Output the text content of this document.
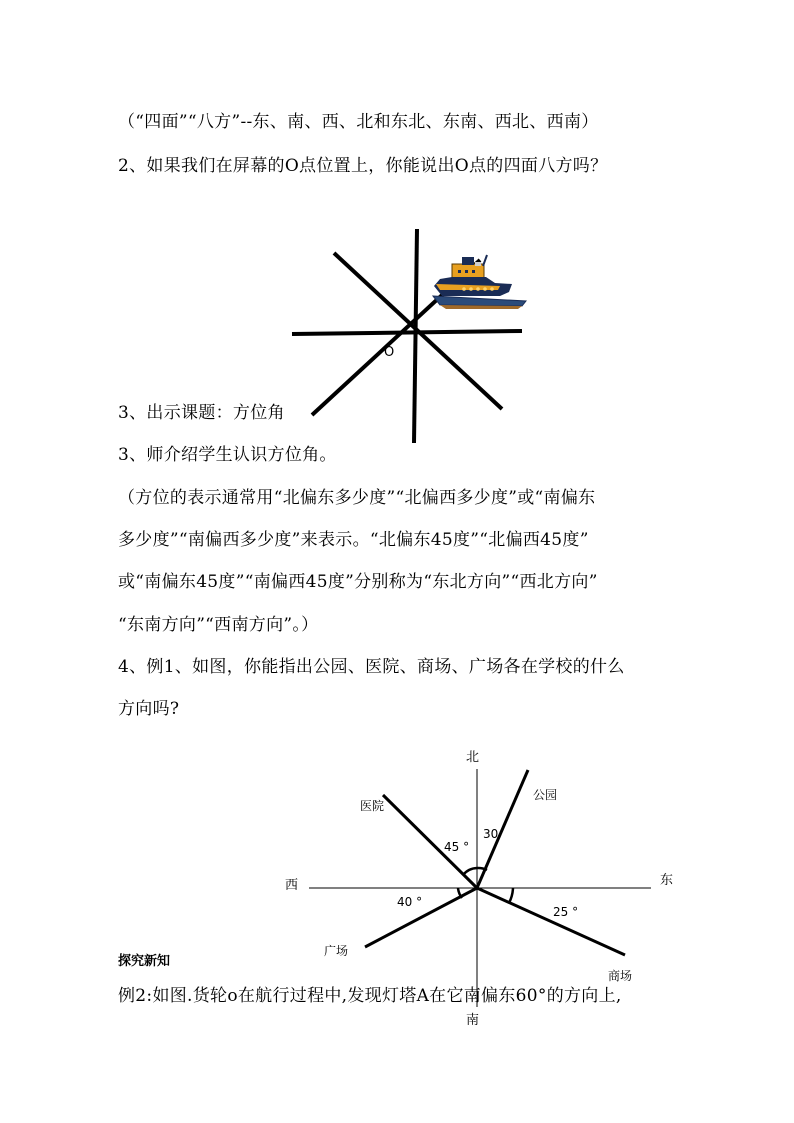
（“四面”“八方”--东、南、西、北和东北、东南、西北、西南）
2、如果我们在屏幕的O点位置上，你能说出O点的四面八方吗？
O
3、出示课题：方位角
3、师介绍学生认识方位角。
（方位的表示通常用“北偏东多少度”“北偏西多少度”或“南偏东
多少度”“南偏西多少度”来表示。“北偏东45度”“北偏西45度”
或“南偏东45度”“南偏西45度”分别称为“东北方向”“西北方向”
“东南方向”“西南方向”。）
4、例1、如图，你能指出公园、医院、商场、广场各在学校的什么
方向吗?
北
南
东
西
公园
医院
广场
商场
45 °
30
40 °
25 °
探究新知
例2:如图.货轮o在航行过程中,发现灯塔A在它南偏东60°的方向上,
